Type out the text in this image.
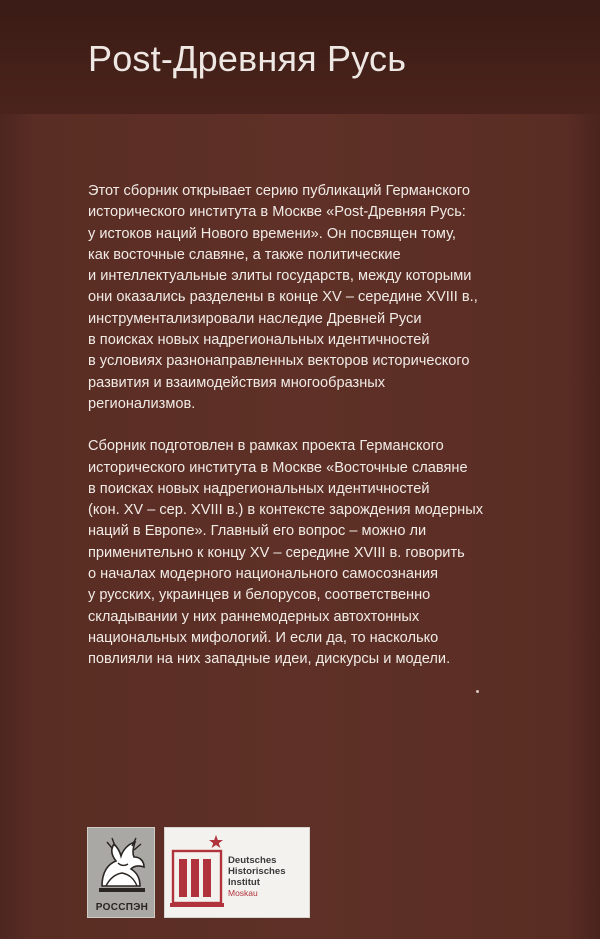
Post-Древняя Русь
Этот сборник открывает серию публикаций Германского
исторического института в Москве «Post-Древняя Русь:
у истоков наций Нового времени». Он посвящен тому,
как восточные славяне, а также политические
и интеллектуальные элиты государств, между которыми
они оказались разделены в конце XV – середине XVIII в.,
инструментализировали наследие Древней Руси
в поисках новых надрегиональных идентичностей
в условиях разнонаправленных векторов исторического
развития и взаимодействия многообразных
регионализмов.
Сборник подготовлен в рамках проекта Германского
исторического института в Москве «Восточные славяне
в поисках новых надрегиональных идентичностей
(кон. XV – сер. XVIII в.) в контексте зарождения модерных
наций в Европе». Главный его вопрос – можно ли
применительно к концу XV – середине XVIII в. говорить
о началах модерного национального самосознания
у русских, украинцев и белорусов, соответственно
складывании у них раннемодерных автохтонных
национальных мифологий. И если да, то насколько
повлияли на них западные идеи, дискурсы и модели.
РОССПЭН
Deutsches
Historisches
Institut
Moskau
